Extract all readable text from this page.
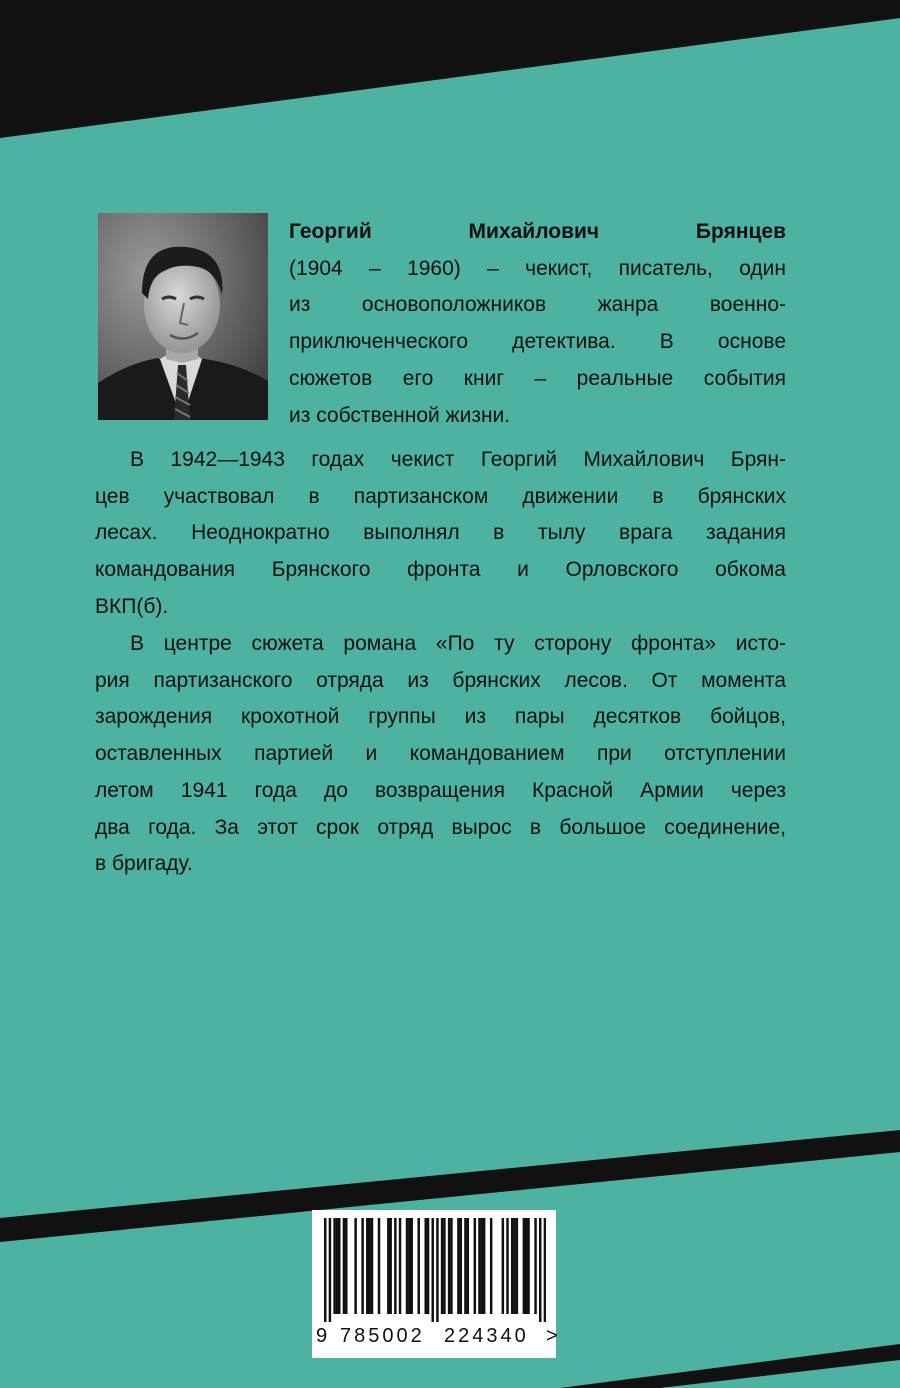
Георгий Михайлович Брянцев
(1904 – 1960) – чекист, писатель, один
из основоположников жанра военно-
приключенческого детектива. В основе
сюжетов его книг – реальные события
из собственной жизни.
В 1942—1943 годах чекист Георгий Михайлович Брян-
цев участвовал в партизанском движении в брянских
лесах. Неоднократно выполнял в тылу врага задания
командования Брянского фронта и Орловского обкома
ВКП(б).
В центре сюжета романа «По ту сторону фронта» исто-
рия партизанского отряда из брянских лесов. От момента
зарождения крохотной группы из пары десятков бойцов,
оставленных партией и командованием при отступлении
летом 1941 года до возвращения Красной Армии через
два года. За этот срок отряд вырос в большое соединение,
в бригаду.
9 785002 224340 >
